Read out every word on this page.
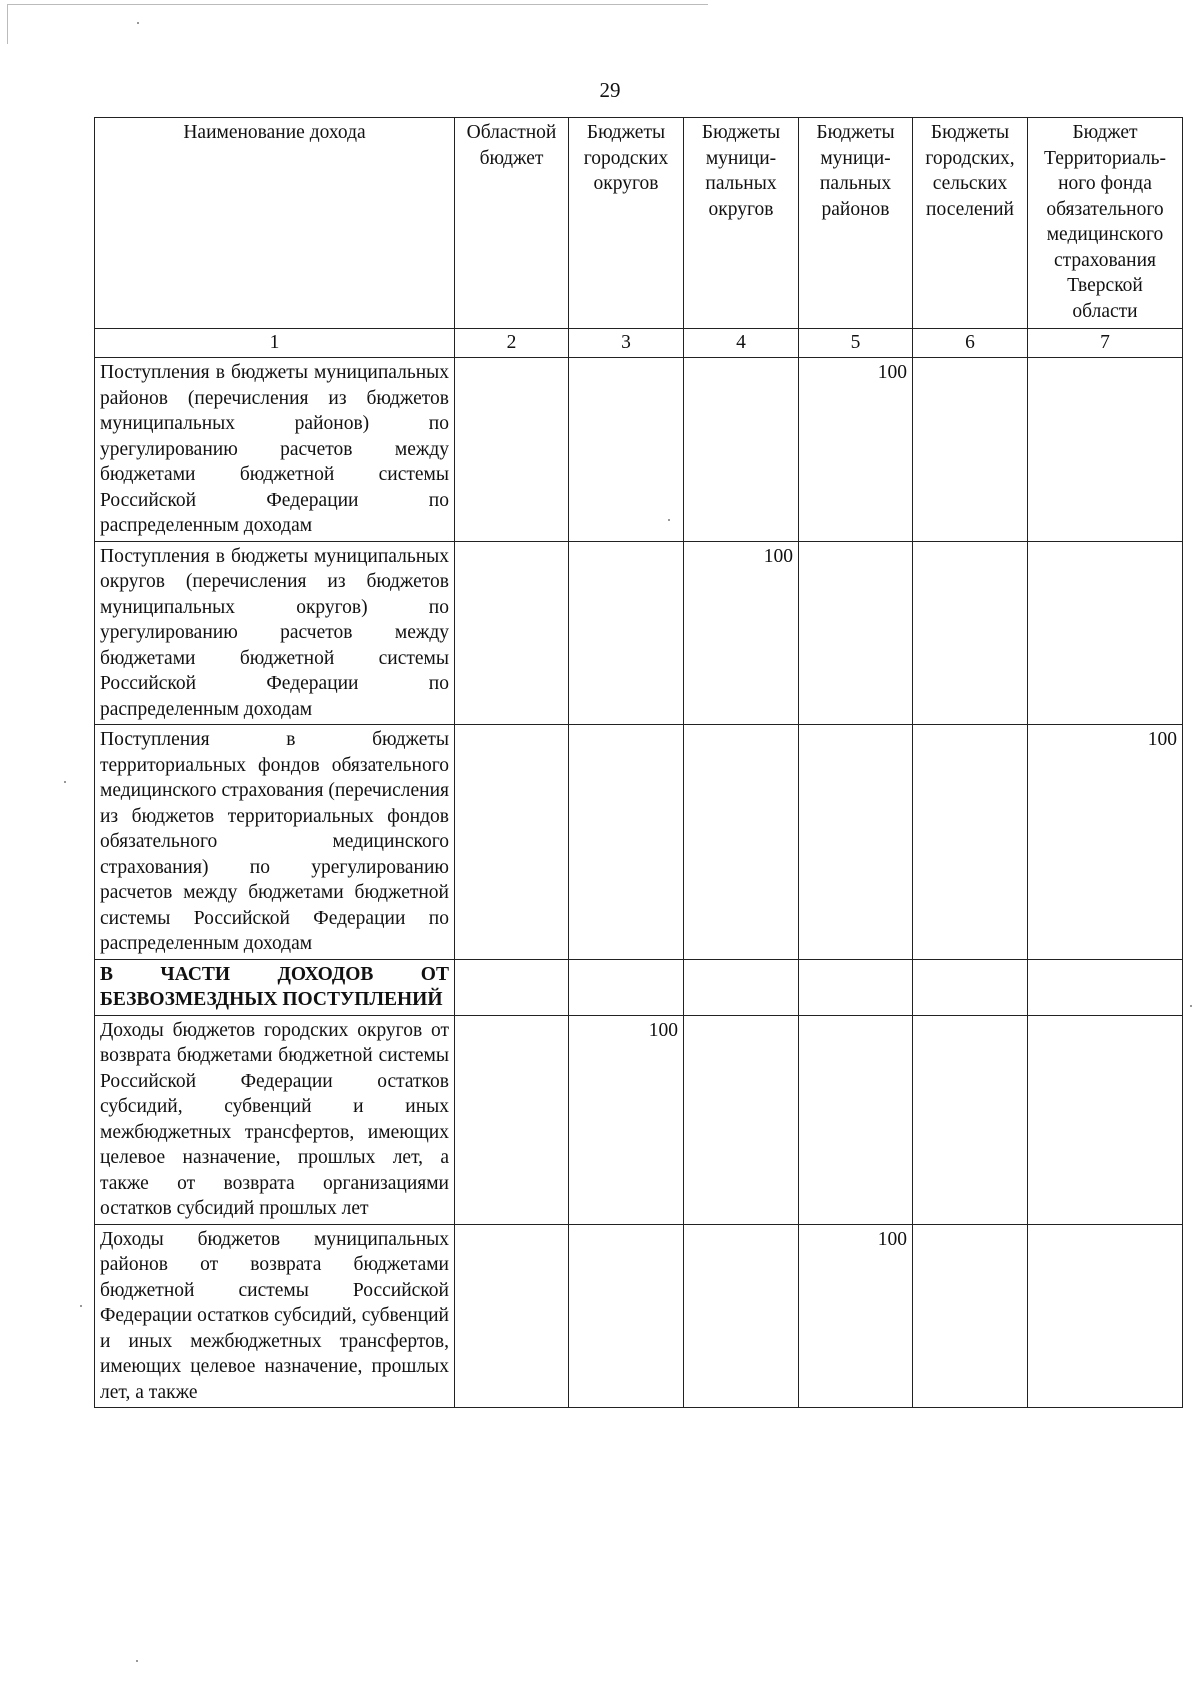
29
Наименование дохода	Областной бюджет	Бюджеты городских округов	Бюджеты муници-пальных округов	Бюджеты муници-пальных районов	Бюджеты городских, сельских поселений	Бюджет Территориаль-ного фонда обязательного медицинского страхования Тверской области
1	2	3	4	5	6	7
Поступления в бюджеты муниципальных районов (перечисления из бюджетов муниципальных районов) по урегулированию расчетов между бюджетами бюджетной системы Российской Федерации по распределенным доходам				100		
Поступления в бюджеты муниципальных округов (перечисления из бюджетов муниципальных округов) по урегулированию расчетов между бюджетами бюджетной системы Российской Федерации по распределенным доходам			100			
Поступления в бюджеты территориальных фондов обязательного медицинского страхования (перечисления из бюджетов территориальных фондов обязательного медицинского страхования) по урегулированию расчетов между бюджетами бюджетной системы Российской Федерации по распределенным доходам						100
В ЧАСТИ ДОХОДОВ ОТ БЕЗВОЗМЕЗДНЫХ ПОСТУПЛЕНИЙ						
Доходы бюджетов городских округов от возврата бюджетами бюджетной системы Российской Федерации остатков субсидий, субвенций и иных межбюджетных трансфертов, имеющих целевое назначение, прошлых лет, а также от возврата организациями остатков субсидий прошлых лет		100				
Доходы бюджетов муниципальных районов от возврата бюджетами бюджетной системы Российской Федерации остатков субсидий, субвенций и иных межбюджетных трансфертов, имеющих целевое назначение, прошлых лет, а также				100		
